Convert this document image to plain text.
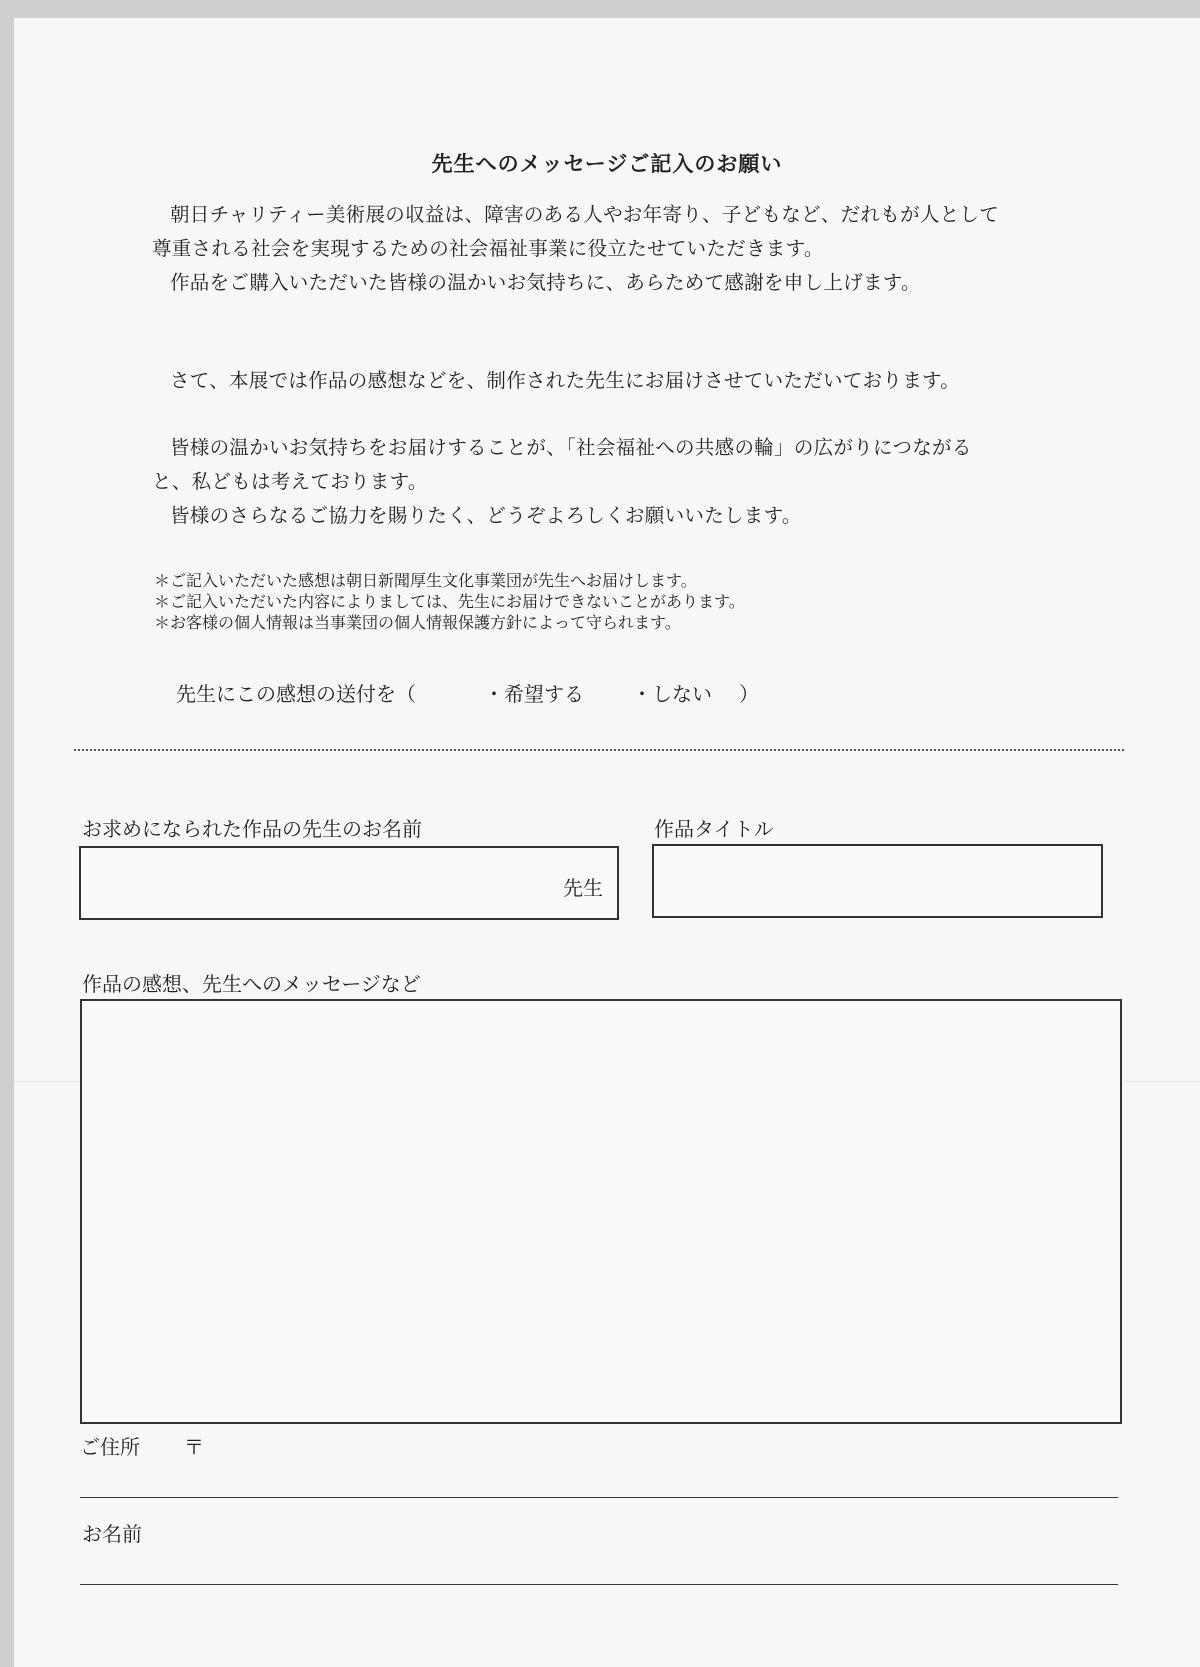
先生へのメッセージご記入のお願い
朝日チャリティー美術展の収益は、障害のある人やお年寄り、子どもなど、だれもが人として
尊重される社会を実現するための社会福祉事業に役立たせていただきます。
作品をご購入いただいた皆様の温かいお気持ちに、あらためて感謝を申し上げます。
さて、本展では作品の感想などを、制作された先生にお届けさせていただいております。
皆様の温かいお気持ちをお届けすることが、「社会福祉への共感の輪」の広がりにつながる
と、私どもは考えております。
皆様のさらなるご協力を賜りたく、どうぞよろしくお願いいたします。
＊ご記入いただいた感想は朝日新聞厚生文化事業団が先生へお届けします。
＊ご記入いただいた内容によりましては、先生にお届けできないことがあります。
＊お客様の個人情報は当事業団の個人情報保護方針によって守られます。
先生にこの感想の送付を（	・希望する ・しない ）
お求めになられた作品の先生のお名前
先生
作品タイトル
作品の感想、先生へのメッセージなど
ご住所 〒
お名前
